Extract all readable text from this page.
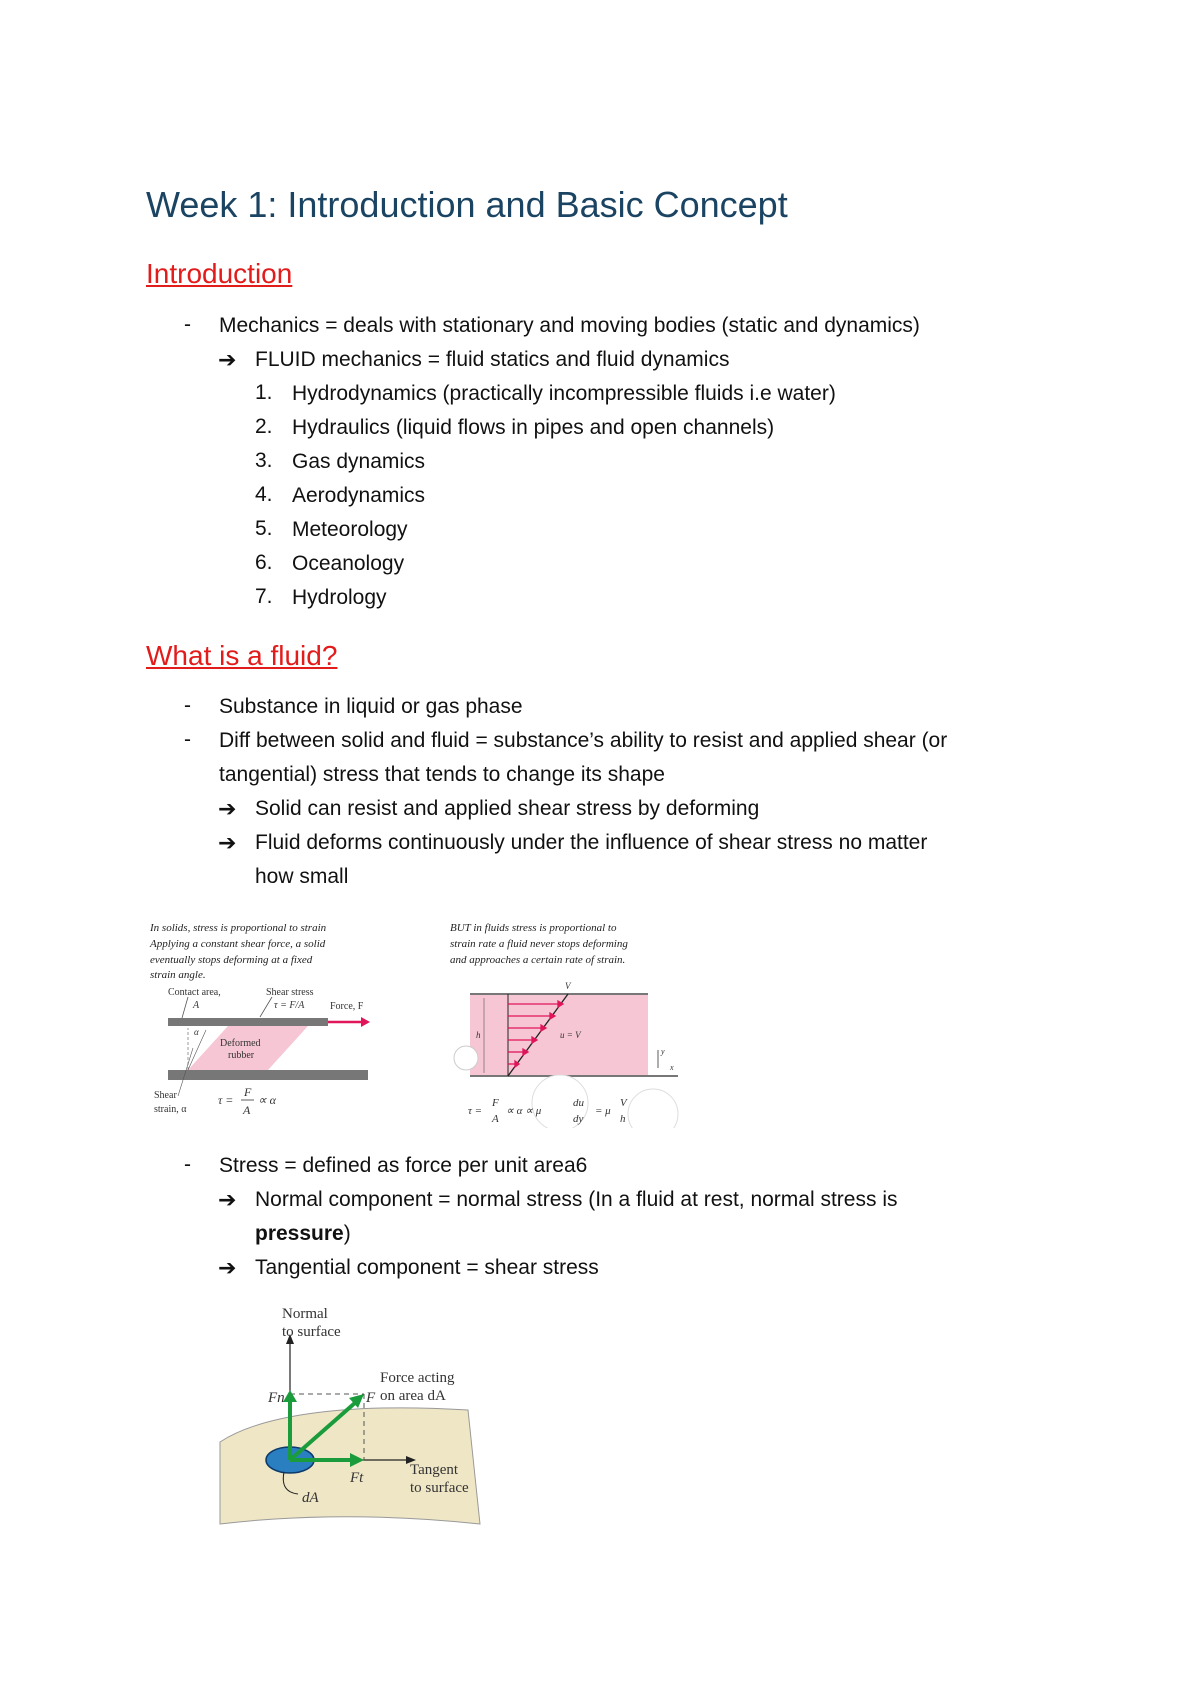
Week 1: Introduction and Basic Concept
Introduction
- Mechanics = deals with stationary and moving bodies (static and dynamics)
➔ FLUID mechanics = fluid statics and fluid dynamics
1. Hydrodynamics (practically incompressible fluids i.e water)
2. Hydraulics (liquid flows in pipes and open channels)
3. Gas dynamics
4. Aerodynamics
5. Meteorology
6. Oceanology
7. Hydrology
What is a fluid?
- Substance in liquid or gas phase
- Diff between solid and fluid = substance’s ability to resist and applied shear (or
tangential) stress that tends to change its shape
➔ Solid can resist and applied shear stress by deforming
➔ Fluid deforms continuously under the influence of shear stress no matter
how small
In solids, stress is proportional to strain
Applying a constant shear force, a solid
eventually stops deforming at a fixed
strain angle.
Contact area,
A
Shear stress
τ = F/A	Force, F
Deformed
rubber
α
Shear
strain, α
τ =
F
A
∝ α
BUT in fluids stress is proportional to
strain rate a fluid never stops deforming
and approaches a certain rate of strain.
V
h	u = V
y
x
τ =
F
A
∝ α ∝ μ
du
dy
= μ
V
h
- Stress = defined as force per unit area6
➔ Normal component = normal stress (In a fluid at rest, normal stress is
pressure)
➔ Tangential component = shear stress
Normal
to surface
Tangent
to surface
Fn	F
Ft
Force acting
on area dA
dA
